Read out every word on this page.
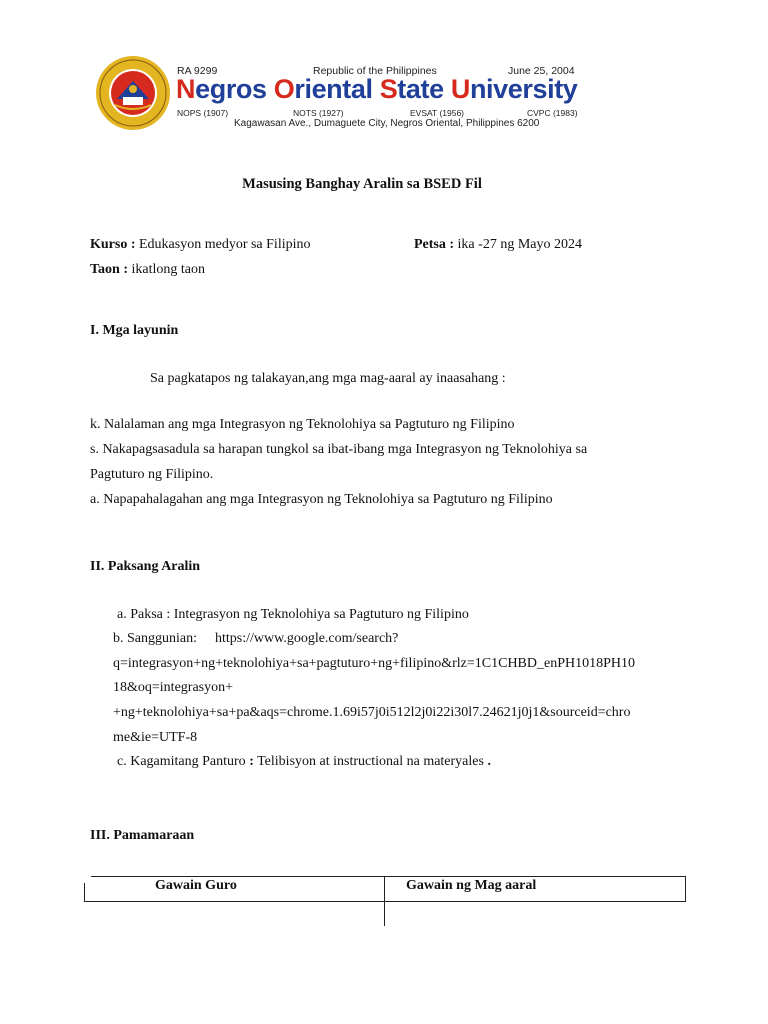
RA 9299	Republic of the Philippines	June 25, 2004
Negros Oriental State University
NOPS (1907)	NOTS (1927)	EVSAT (1956)	CVPC (1983)
Kagawasan Ave., Dumaguete City, Negros Oriental, Philippines 6200
Masusing Banghay Aralin sa BSED Fil
Kurso : Edukasyon medyor sa Filipino	Petsa : ika -27 ng Mayo 2024
Taon : ikatlong taon
I. Mga layunin
Sa pagkatapos ng talakayan,ang mga mag-aaral ay inaasahang :
k. Nalalaman ang mga Integrasyon ng Teknolohiya sa Pagtuturo ng Filipino
s. Nakapagsasadula sa harapan tungkol sa ibat-ibang mga Integrasyon ng Teknolohiya sa
Pagtuturo ng Filipino.
a. Napapahalagahan ang mga Integrasyon ng Teknolohiya sa Pagtuturo ng Filipino
II. Paksang Aralin
a. Paksa : Integrasyon ng Teknolohiya sa Pagtuturo ng Filipino
b. Sanggunian: https://www.google.com/search?
q=integrasyon+ng+teknolohiya+sa+pagtuturo+ng+filipino&rlz=1C1CHBD_enPH1018PH10
18&oq=integrasyon+
+ng+teknolohiya+sa+pa&aqs=chrome.1.69i57j0i512l2j0i22i30l7.24621j0j1&sourceid=chro
me&ie=UTF-8
c. Kagamitang Panturo : Telibisyon at instructional na materyales .
III. Pamamaraan
Gawain Guro	Gawain ng Mag aaral
